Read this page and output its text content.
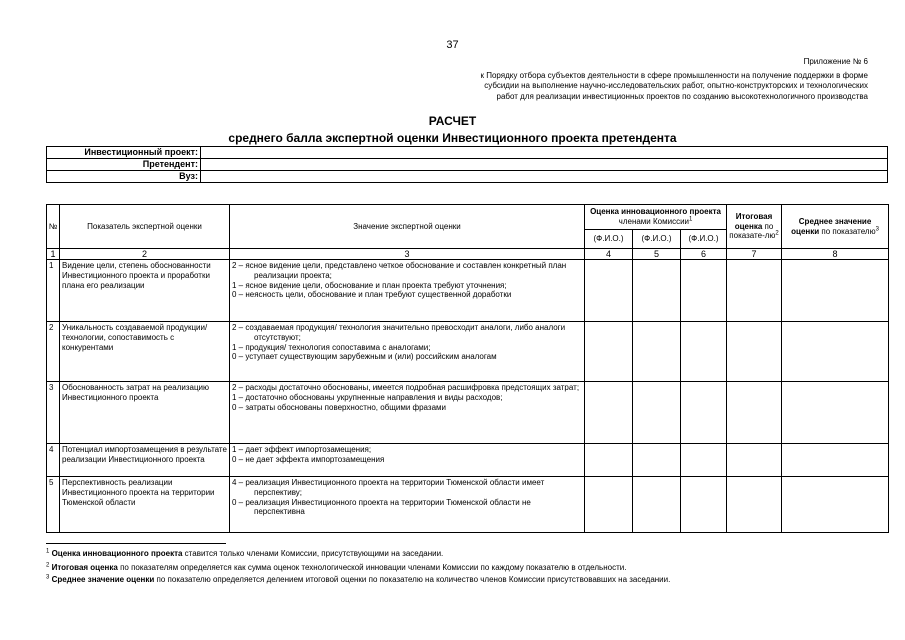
37
Приложение № 6
к Порядку отбора субъектов деятельности в сфере промышленности на получение поддержки в форме
субсидии на выполнение научно-исследовательских работ, опытно-конструкторских и технологических
работ для реализации инвестиционных проектов по созданию высокотехнологичного производства
РАСЧЕТ
среднего балла экспертной оценки Инвестиционного проекта претендента
Инвестиционный проект:	
Претендент:	
Вуз:	
№	Показатель экспертной оценки	Значение экспертной оценки	Оценка инновационного проекта членами Комиссии$^1$			Итоговая оценка по показате-$лю^2$	Среднее значение оценки по показателю$^3$
			(Ф.И.О.)	(Ф.И.О.)	(Ф.И.О.)		
1	2	3	4	5	6	7	8
1	Видение цели, степень обоснованности Инвестиционного проекта и проработки плана его реализации	2 – ясное видение цели, представлено четкое обоснование и составлен конкретный план реализации проекта;
1 – ясное видение цели, обоснование и план проекта требуют уточнения;
0 – неясность цели, обоснование и план требуют существенной доработки					

2	Уникальность создаваемой продукции/ технологии, сопоставимость с конкурентами	2 – создаваемая продукция/ технология значительно превосходит аналоги, либо аналоги отсутствуют;
1 – продукция/ технология сопоставима с аналогами;
0 – уступает существующим зарубежным и (или) российским аналогам					

3	Обоснованность затрат на реализацию Инвестиционного проекта	2 – расходы достаточно обоснованы, имеется подробная расшифровка предстоящих затрат;
1 – достаточно обоснованы укрупненные направления и виды расходов;
0 – затраты обоснованы поверхностно, общими фразами					

4	Потенциал импортозамещения в результате реализации Инвестиционного проекта	1 – дает эффект импортозамещения;
0 – не дает эффекта импортозамещения					

5	Перспективность реализации Инвестиционного проекта на территории Тюменской области	4 – реализация Инвестиционного проекта на территории Тюменской области имеет перспективу;
0 – реализация Инвестиционного проекта на территории Тюменской области не перспективна					

$^1$ Оценка инновационного проекта ставится только членами Комиссии, присутствующими на заседании.
$^2$ Итоговая оценка по показателям определяется как сумма оценок технологической инновации членами Комиссии по каждому показателю в отдельности.
$^3$ Среднее значение оценки по показателю определяется делением итоговой оценки по показателю на количество членов Комиссии присутствовавших на заседании.
